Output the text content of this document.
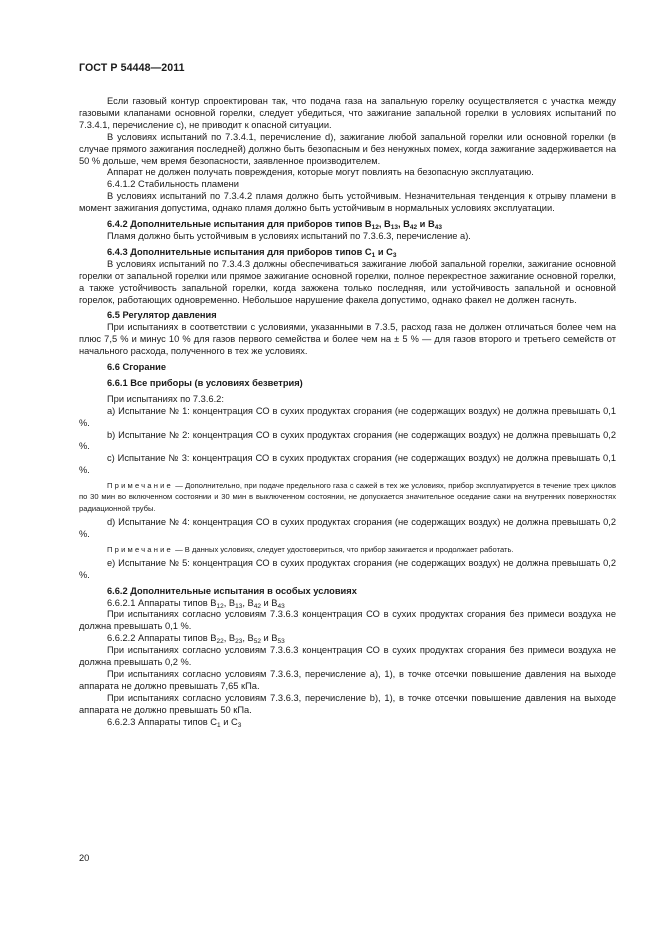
ГОСТ Р 54448—2011

Если газовый контур спроектирован так, что подача газа на запальную горелку осуществляется с участка между газовыми клапанами основной горелки, следует убедиться, что зажигание запальной горелки в условиях испытаний по 7.3.4.1, перечисление c), не приводит к опасной ситуации.

В условиях испытаний по 7.3.4.1, перечисление d), зажигание любой запальной горелки или основной горелки (в случае прямого зажигания последней) должно быть безопасным и без ненужных помех, когда зажигание задерживается на 50 % дольше, чем время безопасности, заявленное производителем.

Аппарат не должен получать повреждения, которые могут повлиять на безопасную эксплуатацию.

6.4.1.2 Стабильность пламени

В условиях испытаний по 7.3.4.2 пламя должно быть устойчивым. Незначительная тенденция к отрыву пламени в момент зажигания допустима, однако пламя должно быть устойчивым в нормальных условиях эксплуатации.

6.4.2 Дополнительные испытания для приборов типов $B_{12}$, $B_{13}$, $B_{42}$ и $B_{43}$

Пламя должно быть устойчивым в условиях испытаний по 7.3.6.3, перечисление a).

6.4.3 Дополнительные испытания для приборов типов $C_1$ и $C_3$

В условиях испытаний по 7.3.4.3 должны обеспечиваться зажигание любой запальной горелки, зажигание основной горелки от запальной горелки или прямое зажигание основной горелки, полное перекрестное зажигание основной горелки, а также устойчивость запальной горелки, когда зажжена только последняя, или устойчивость запальной и основной горелок, работающих одновременно. Небольшое нарушение факела допустимо, однако факел не должен гаснуть.

6.5 Регулятор давления

При испытаниях в соответствии с условиями, указанными в 7.3.5, расход газа не должен отличаться более чем на плюс 7,5 % и минус 10 % для газов первого семейства и более чем на ± 5 % — для газов второго и третьего семейств от начального расхода, полученного в тех же условиях.

6.6 Сгорание

6.6.1 Все приборы (в условиях безветрия)

При испытаниях по 7.3.6.2:

a) Испытание № 1: концентрация СО в сухих продуктах сгорания (не содержащих воздух) не должна превышать 0,1 %.

b) Испытание № 2: концентрация СО в сухих продуктах сгорания (не содержащих воздух) не должна превышать 0,2 %.

c) Испытание № 3: концентрация СО в сухих продуктах сгорания (не содержащих воздух) не должна превышать 0,1 %.

Примечание — Дополнительно, при подаче предельного газа с сажей в тех же условиях, прибор эксплуатируется в течение трех циклов по 30 мин во включенном состоянии и 30 мин в выключенном состоянии, не допускается значительное оседание сажи на внутренних поверхностях радиационной трубы.

d) Испытание № 4: концентрация СО в сухих продуктах сгорания (не содержащих воздух) не должна превышать 0,2 %.

Примечание — В данных условиях, следует удостовериться, что прибор зажигается и продолжает работать.

e) Испытание № 5: концентрация СО в сухих продуктах сгорания (не содержащих воздух) не должна превышать 0,2 %.

6.6.2 Дополнительные испытания в особых условиях

6.6.2.1 Аппараты типов $B_{12}$, $B_{13}$, $B_{42}$ и $B_{43}$

При испытаниях согласно условиям 7.3.6.3 концентрация СО в сухих продуктах сгорания без примеси воздуха не должна превышать 0,1 %.

6.6.2.2 Аппараты типов $B_{22}$, $B_{23}$, $B_{52}$ и $B_{53}$

При испытаниях согласно условиям 7.3.6.3 концентрация СО в сухих продуктах сгорания без примеси воздуха не должна превышать 0,2 %.

При испытаниях согласно условиям 7.3.6.3, перечисление a), 1), в точке отсечки повышение давления на выходе аппарата не должно превышать 7,65 кПа.

При испытаниях согласно условиям 7.3.6.3, перечисление b), 1), в точке отсечки повышение давления на выходе аппарата не должно превышать 50 кПа.

6.6.2.3 Аппараты типов $C_1$ и $C_3$

20
